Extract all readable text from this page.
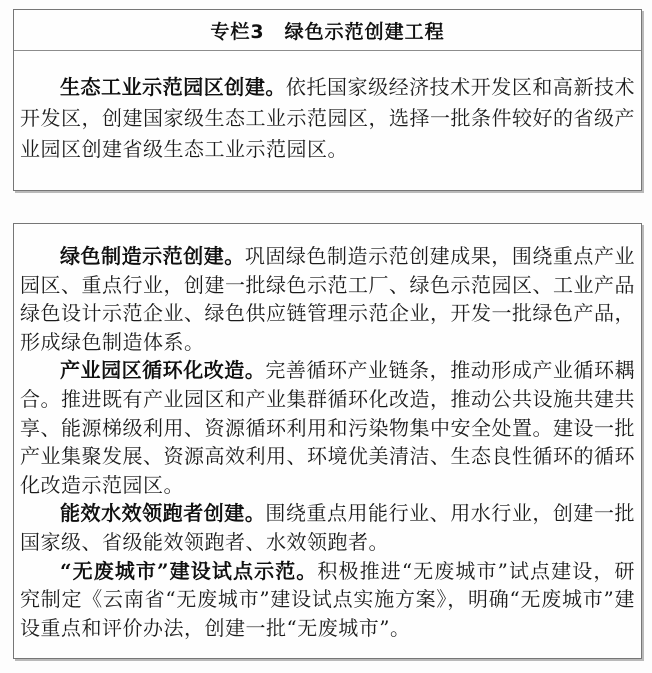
专栏3　绿色示范创建工程

生态工业示范园区创建。依托国家级经济技术开发区和高新技术开发区，创建国家级生态工业示范园区，选择一批条件较好的省级产业园区创建省级生态工业示范园区。

绿色制造示范创建。巩固绿色制造示范创建成果，围绕重点产业园区、重点行业，创建一批绿色示范工厂、绿色示范园区、工业产品绿色设计示范企业、绿色供应链管理示范企业，开发一批绿色产品，形成绿色制造体系。

产业园区循环化改造。完善循环产业链条，推动形成产业循环耦合。推进既有产业园区和产业集群循环化改造，推动公共设施共建共享、能源梯级利用、资源循环利用和污染物集中安全处置。建设一批产业集聚发展、资源高效利用、环境优美清洁、生态良性循环的循环化改造示范园区。

能效水效领跑者创建。围绕重点用能行业、用水行业，创建一批国家级、省级能效领跑者、水效领跑者。

“无废城市”建设试点示范。积极推进“无废城市”试点建设，研究制定《云南省“无废城市”建设试点实施方案》，明确“无废城市”建设重点和评价办法，创建一批“无废城市”。
